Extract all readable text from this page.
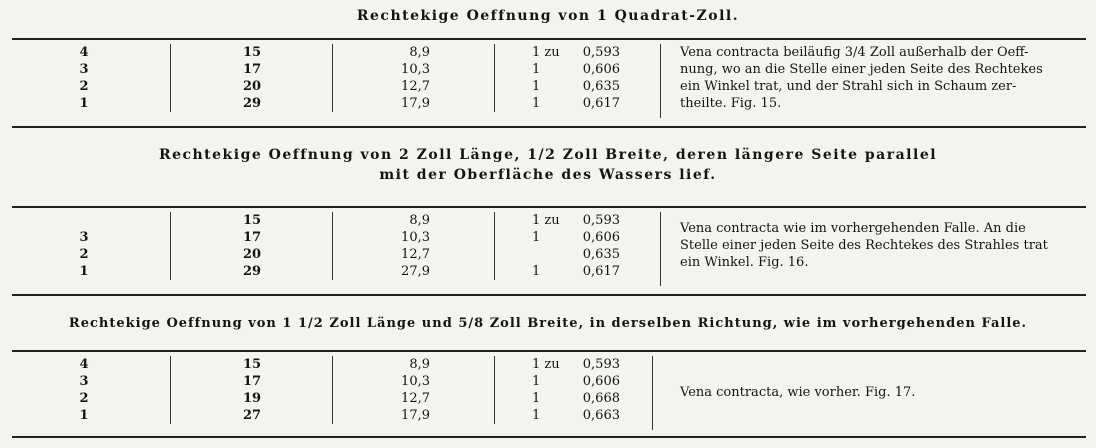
Rechtekige Oeffnung von 1 Quadrat-Zoll.
4
3
2
1
15
17
20
29
8,9
10,3
12,7
17,9
1 zu
1
1
1
0,593
0,606
0,635
0,617
Vena contracta beiläufig 3/4 Zoll außerhalb der Oeff-
nung, wo an die Stelle einer jeden Seite des Rechtekes
ein Winkel trat, und der Strahl sich in Schaum zer-
theilte. Fig. 15.
Rechtekige Oeffnung von 2 Zoll Länge, 1/2 Zoll Breite, deren längere Seite parallel
mit der Oberfläche des Wassers lief.
3
2
1
15
17
20
29
8,9
10,3
12,7
27,9
1 zu
1
1
0,593
0,606
0,635
0,617
Vena contracta wie im vorhergehenden Falle. An die
Stelle einer jeden Seite des Rechtekes des Strahles trat
ein Winkel. Fig. 16.
Rechtekige Oeffnung von 1 1/2 Zoll Länge und 5/8 Zoll Breite, in derselben Richtung, wie im vorhergehenden Falle.
4
3
2
1
15
17
19
27
8,9
10,3
12,7
17,9
1 zu
1
1
1
0,593
0,606
0,668
0,663
Vena contracta, wie vorher. Fig. 17.
